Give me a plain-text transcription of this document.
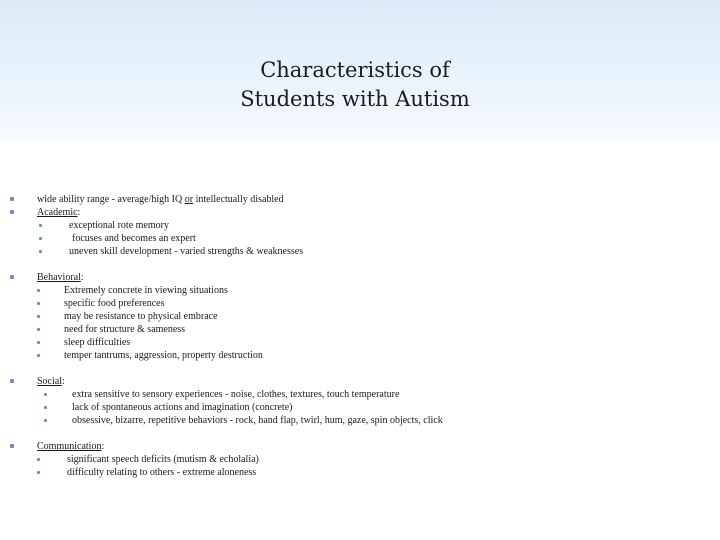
Characteristics of
Students with Autism
wide ability range - average/high IQ or intellectually disabled
Academic:
exceptional rote memory
focuses and becomes an expert
uneven skill development - varied strengths & weaknesses
Behavioral:
Extremely concrete in viewing situations
specific food preferences
may be resistance to physical embrace
need for structure & sameness
sleep difficulties
temper tantrums, aggression, property destruction
Social:
extra sensitive to sensory experiences - noise, clothes, textures, touch temperature
lack of spontaneous actions and imagination (concrete)
obsessive, bizarre, repetitive behaviors - rock, hand flap, twirl, hum, gaze, spin objects, click
Communication:
significant speech deficits (mutism & echolalia)
difficulty relating to others - extreme aloneness
